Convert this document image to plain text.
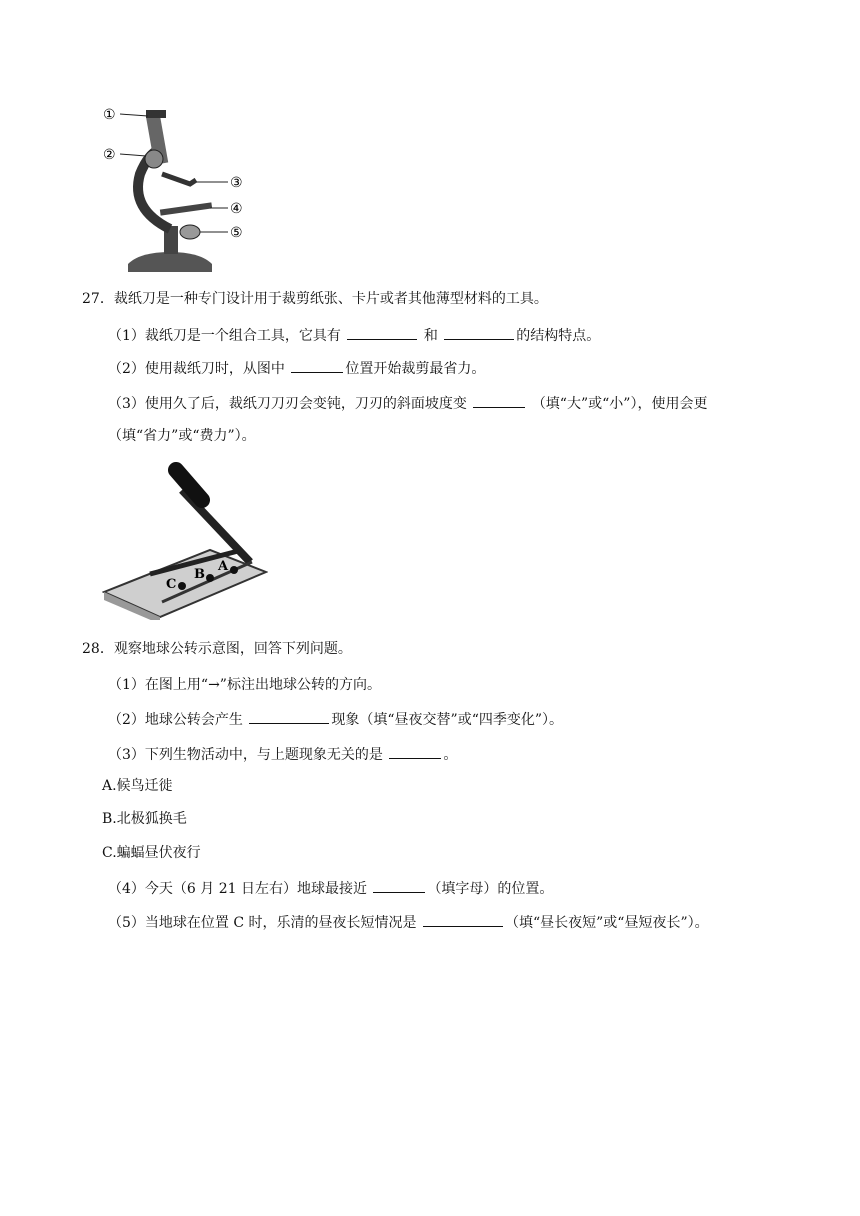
①
②
③
④
⑤
27．裁纸刀是一种专门设计用于裁剪纸张、卡片或者其他薄型材料的工具。
（1）裁纸刀是一个组合工具，它具有	和	的结构特点。
（2）使用裁纸刀时，从图中	位置开始裁剪最省力。
（3）使用久了后，裁纸刀刀刃会变钝，刀刃的斜面坡度变	（填“大”或“小”），使用会更
（填“省力”或“费力”）。
C
B
A
28．观察地球公转示意图，回答下列问题。
（1）在图上用“→”标注出地球公转的方向。
（2）地球公转会产生	现象（填“昼夜交替”或“四季变化”）。
（3）下列生物活动中，与上题现象无关的是	。
A.候鸟迁徙
B.北极狐换毛
C.蝙蝠昼伏夜行
（4）今天（6 月 21 日左右）地球最接近	（填字母）的位置。
（5）当地球在位置 C 时，乐清的昼夜长短情况是	（填“昼长夜短”或“昼短夜长”）。
